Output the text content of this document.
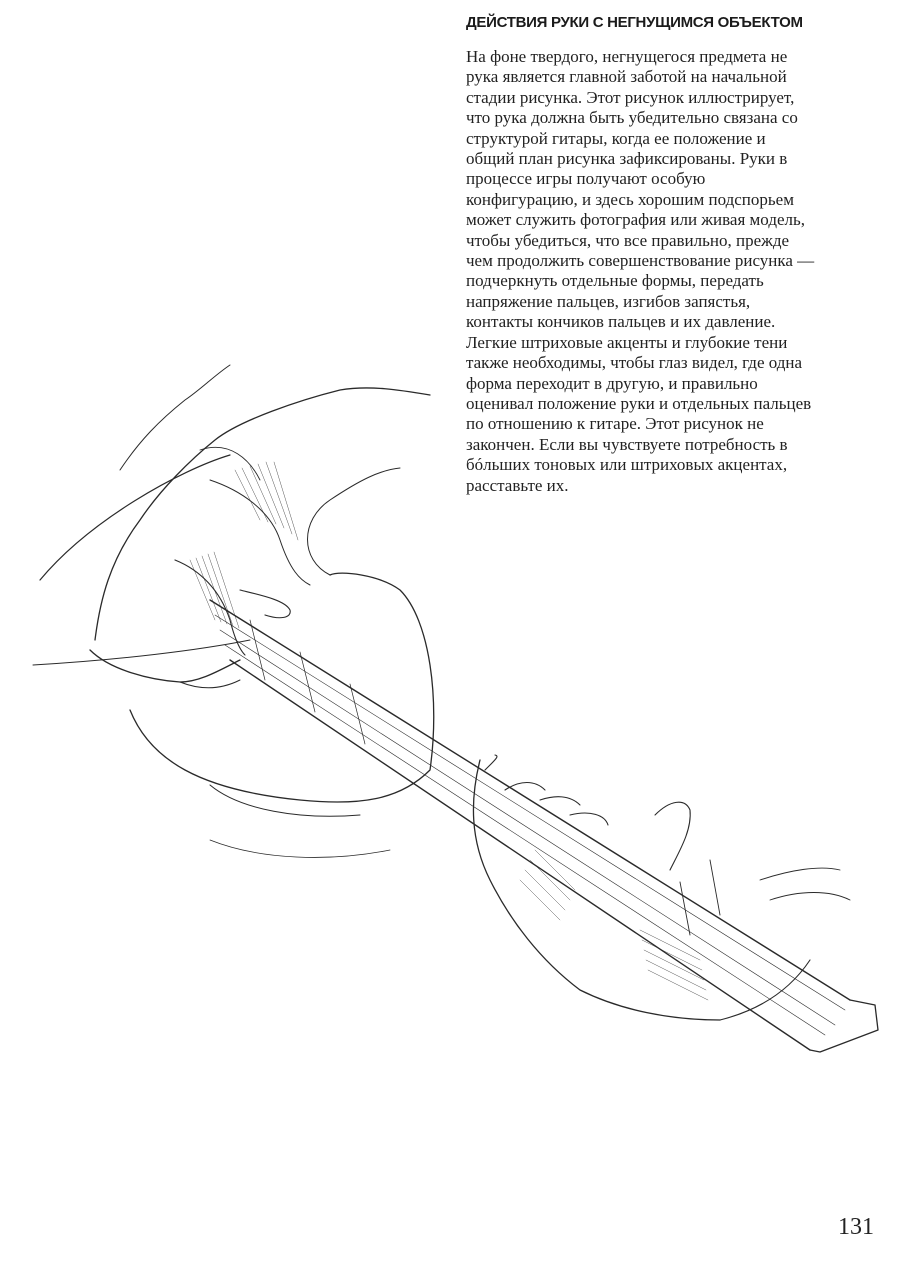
ДЕЙСТВИЯ РУКИ С НЕГНУЩИМСЯ ОБЪЕКТОМ

На фоне твердого, негнущегося предмета не
рука является главной заботой на начальной
стадии рисунка. Этот рисунок иллюстрирует,
что рука должна быть убедительно связана со
структурой гитары, когда ее положение и
общий план рисунка зафиксированы. Руки в
процессе игры получают особую
конфигурацию, и здесь хорошим подспорьем
может служить фотография или живая модель,
чтобы убедиться, что все правильно, прежде
чем продолжить совершенствование рисунка —
подчеркнуть отдельные формы, передать
напряжение пальцев, изгибов запястья,
контакты кончиков пальцев и их давление.
Легкие штриховые акценты и глубокие тени
также необходимы, чтобы глаз видел, где одна
форма переходит в другую, и правильно
оценивал положение руки и отдельных пальцев
по отношению к гитаре. Этот рисунок не
закончен. Если вы чувствуете потребность в
бóльших тоновых или штриховых акцентах,
расставьте их.

131
